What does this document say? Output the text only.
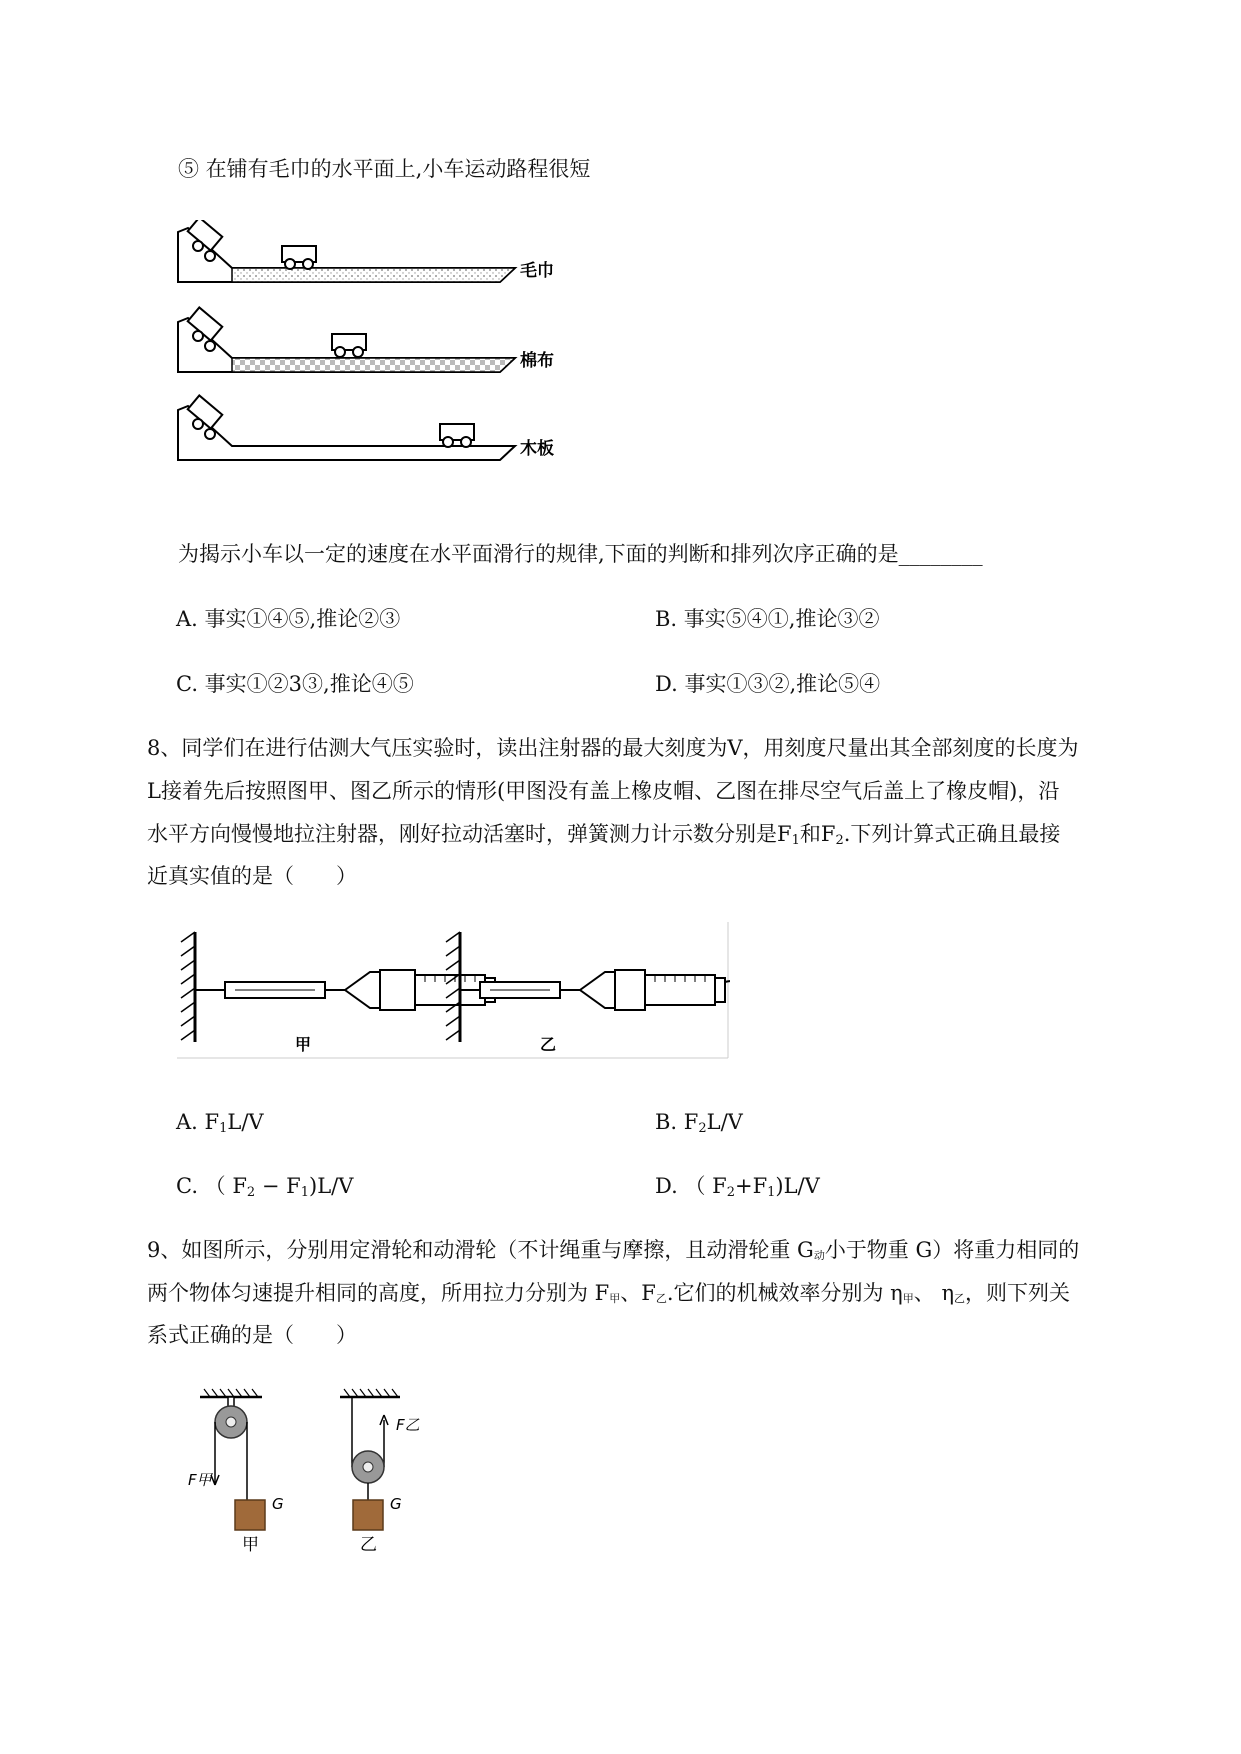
⑤ 在铺有毛巾的水平面上,小车运动路程很短
毛巾
棉布
木板
为揭示小车以一定的速度在水平面滑行的规律,下面的判断和排列次序正确的是________
A. 事实①④⑤,推论②③	B. 事实⑤④①,推论③②
C. 事实①②3③,推论④⑤	D. 事实①③②,推论⑤④
8、同学们在进行估测大气压实验时，读出注射器的最大刻度为V，用刻度尺量出其全部刻度的长度为
L接着先后按照图甲、图乙所示的情形(甲图没有盖上橡皮帽、乙图在排尽空气后盖上了橡皮帽)，沿
水平方向慢慢地拉注射器，刚好拉动活塞时，弹簧测力计示数分别是$F_1$和$F_2$.下列计算式正确且最接
近真实值的是（　　）
甲	乙
A. $F_1L/V$	B. $F_2L/V$
C. （ $F_2 - F_1)L/V$	D. （ $F_2+F_1)L/V$
9、如图所示，分别用定滑轮和动滑轮（不计绳重与摩擦，且动滑轮重 G动小于物重 G）将重力相同的
两个物体匀速提升相同的高度，所用拉力分别为 F甲、F乙.它们的机械效率分别为 η甲、 η乙，则下列关
系式正确的是（　　）
F甲
G
甲
F乙
G
乙
